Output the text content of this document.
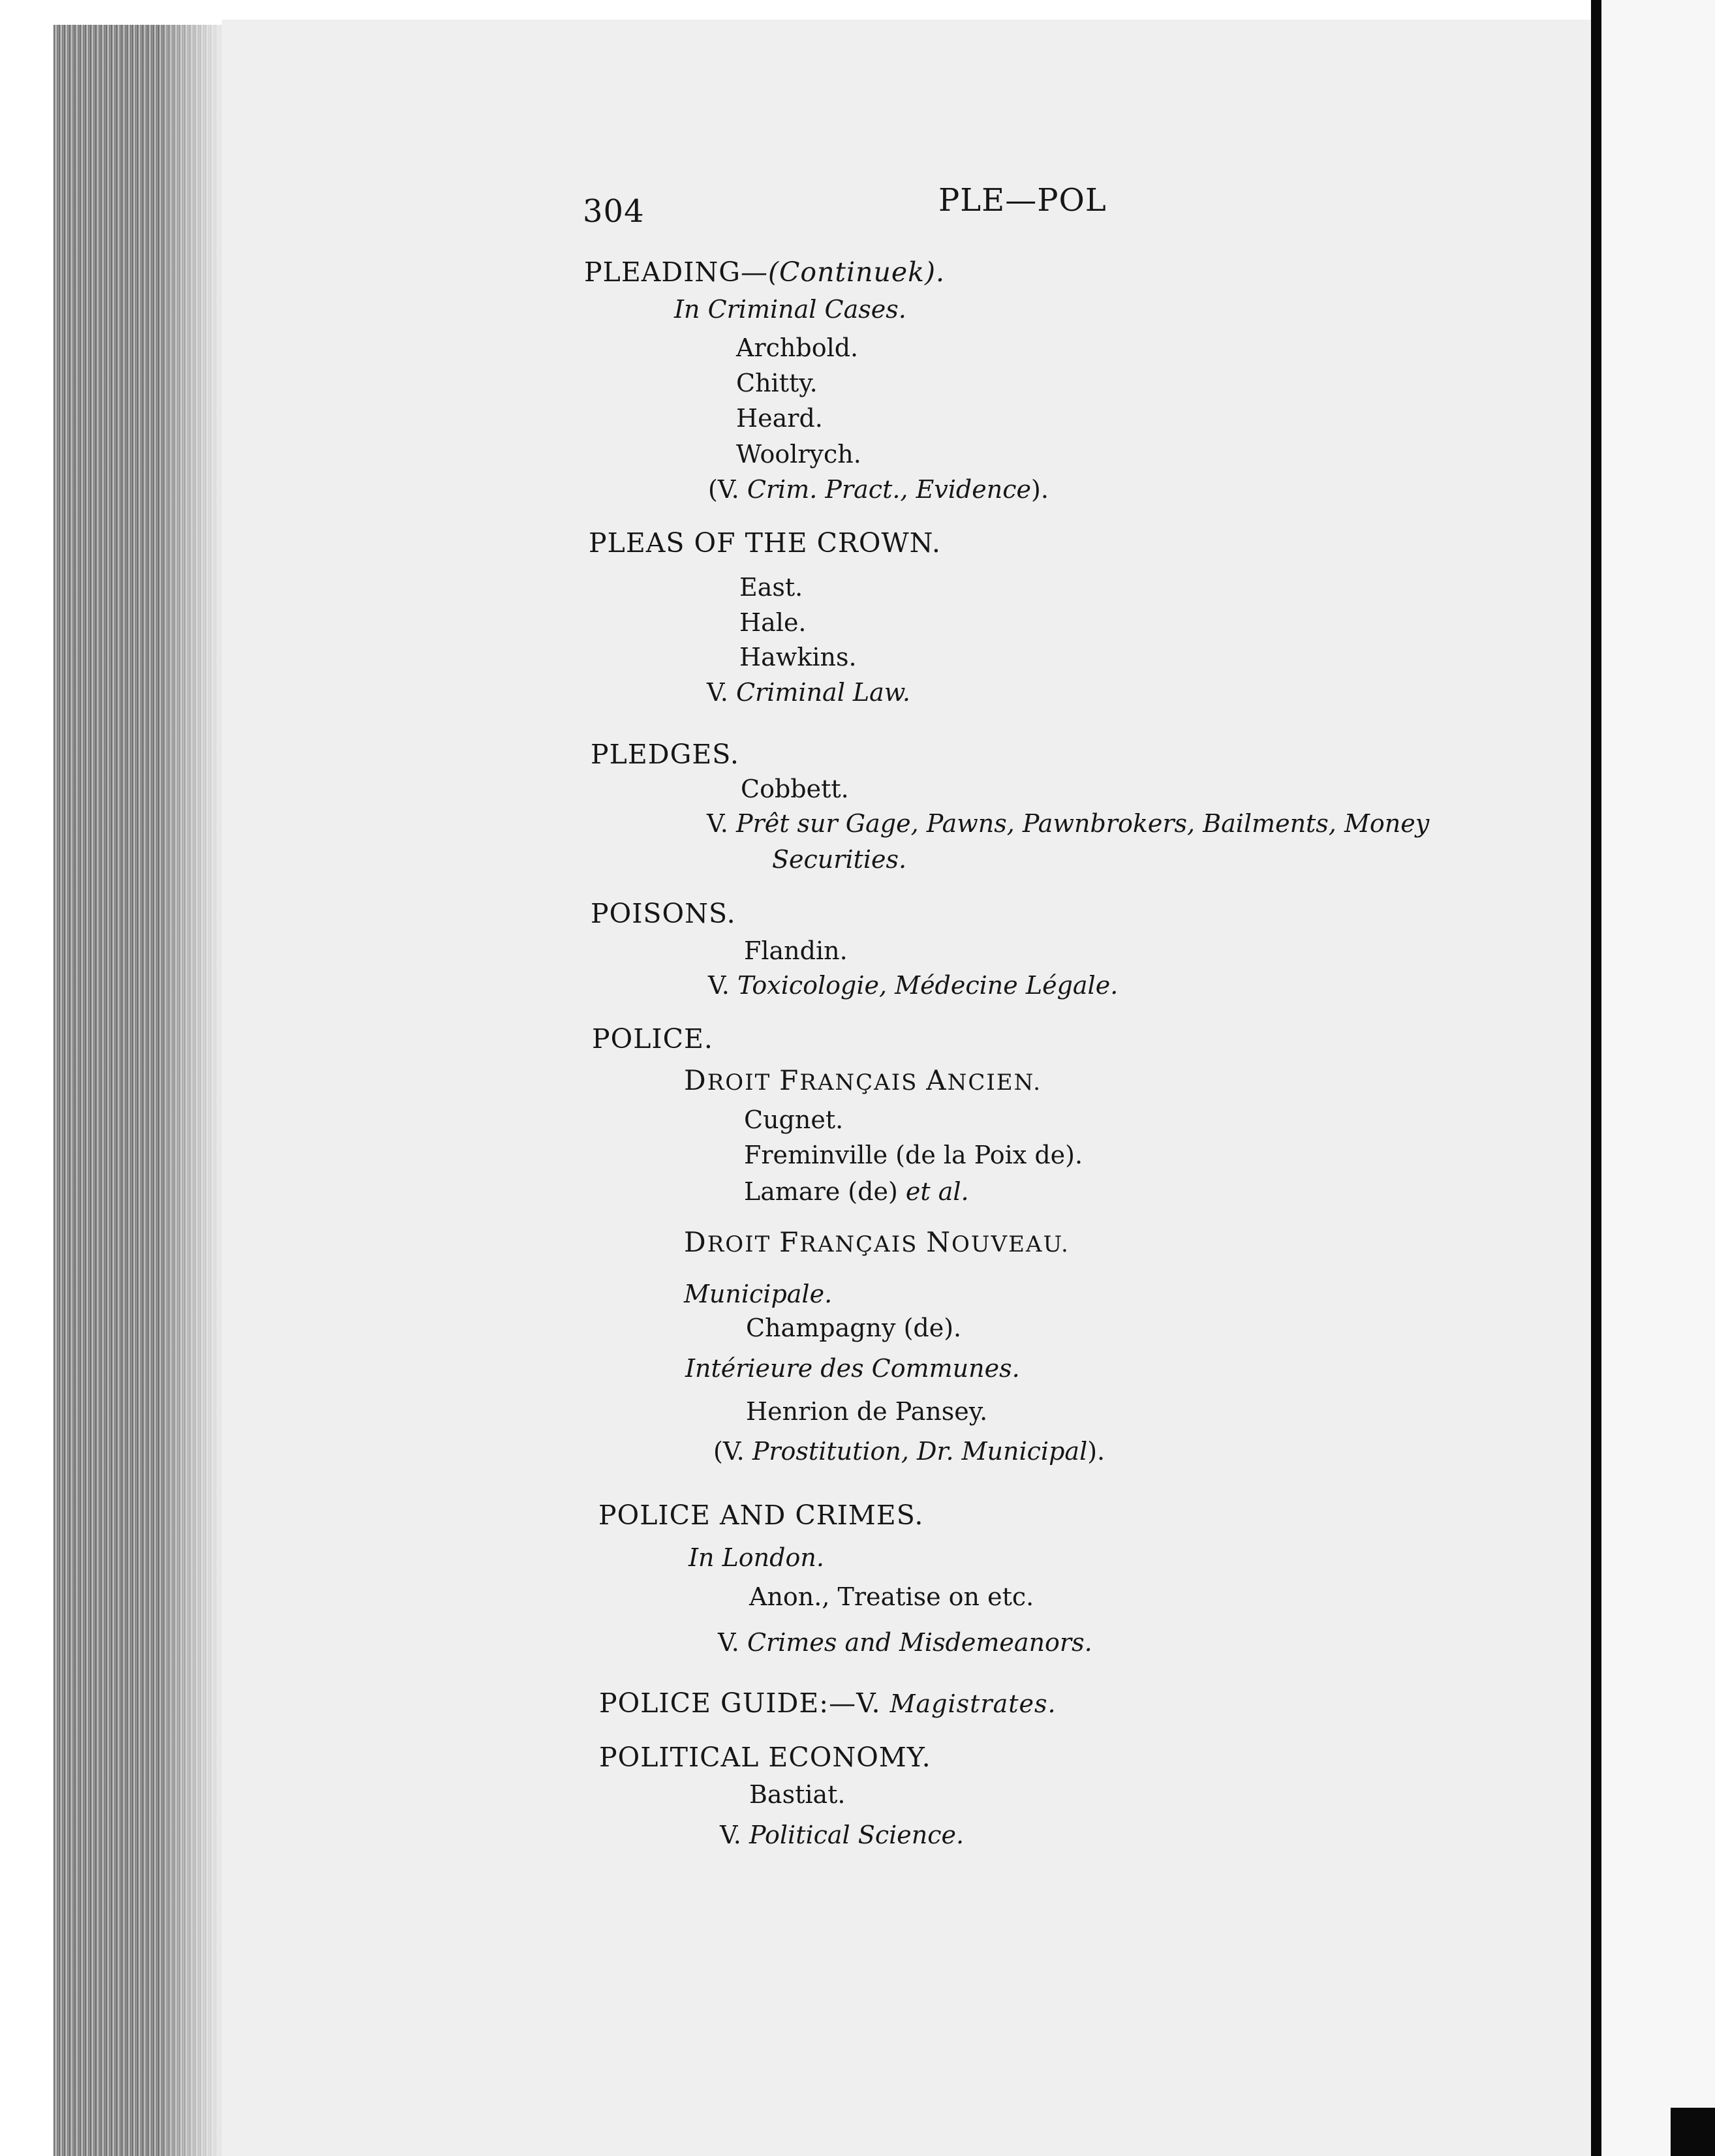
304	PLE—POL
PLEADING—(Continuek).
In Criminal Cases.
Archbold.
Chitty.
Heard.
Woolrych.
(V. Crim. Pract., Evidence).
PLEAS OF THE CROWN.
East.
Hale.
Hawkins.
V. Criminal Law.
PLEDGES.
Cobbett.
V. Prêt sur Gage, Pawns, Pawnbrokers, Bailments, Money
Securities.
POISONS.
Flandin.
V. Toxicologie, Médecine Légale.
POLICE.
DROIT FRANÇAIS ANCIEN.
Cugnet.
Freminville (de la Poix de).
Lamare (de) et al.
DROIT FRANÇAIS NOUVEAU.
Municipale.
Champagny (de).
Intérieure des Communes.
Henrion de Pansey.
(V. Prostitution, Dr. Municipal).
POLICE AND CRIMES.
In London.
Anon., Treatise on etc.
V. Crimes and Misdemeanors.
POLICE GUIDE:—V. Magistrates.
POLITICAL ECONOMY.
Bastiat.
V. Political Science.
